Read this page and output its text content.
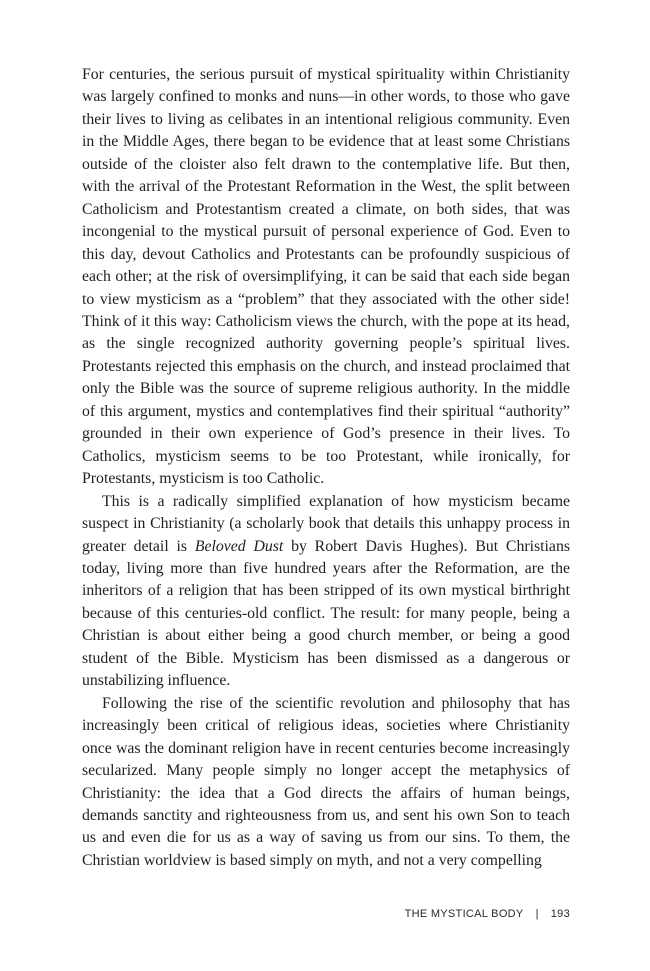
For centuries, the serious pursuit of mystical spirituality within Christianity was largely confined to monks and nuns—in other words, to those who gave their lives to living as celibates in an intentional religious community. Even in the Middle Ages, there began to be evidence that at least some Christians outside of the cloister also felt drawn to the contemplative life. But then, with the arrival of the Protestant Reformation in the West, the split between Catholicism and Protestantism created a climate, on both sides, that was incongenial to the mystical pursuit of personal experience of God. Even to this day, devout Catholics and Protestants can be profoundly suspicious of each other; at the risk of oversimplifying, it can be said that each side began to view mysticism as a “problem” that they associated with the other side! Think of it this way: Catholicism views the church, with the pope at its head, as the single recognized authority governing people’s spiritual lives. Protestants rejected this emphasis on the church, and instead proclaimed that only the Bible was the source of supreme religious authority. In the middle of this argument, mystics and contemplatives find their spiritual “authority” grounded in their own experience of God’s presence in their lives. To Catholics, mysticism seems to be too Protestant, while ironically, for Protestants, mysticism is too Catholic.

This is a radically simplified explanation of how mysticism became suspect in Christianity (a scholarly book that details this unhappy process in greater detail is Beloved Dust by Robert Davis Hughes). But Christians today, living more than five hundred years after the Reformation, are the inheritors of a religion that has been stripped of its own mystical birthright because of this centuries-old conflict. The result: for many people, being a Christian is about either being a good church member, or being a good student of the Bible. Mysticism has been dismissed as a dangerous or unstabilizing influence.

Following the rise of the scientific revolution and philosophy that has increasingly been critical of religious ideas, societies where Christianity once was the dominant religion have in recent centuries become increasingly secularized. Many people simply no longer accept the metaphysics of Christianity: the idea that a God directs the affairs of human beings, demands sanctity and righteousness from us, and sent his own Son to teach us and even die for us as a way of saving us from our sins. To them, the Christian worldview is based simply on myth, and not a very compelling

THE MYSTICAL BODY | 193
